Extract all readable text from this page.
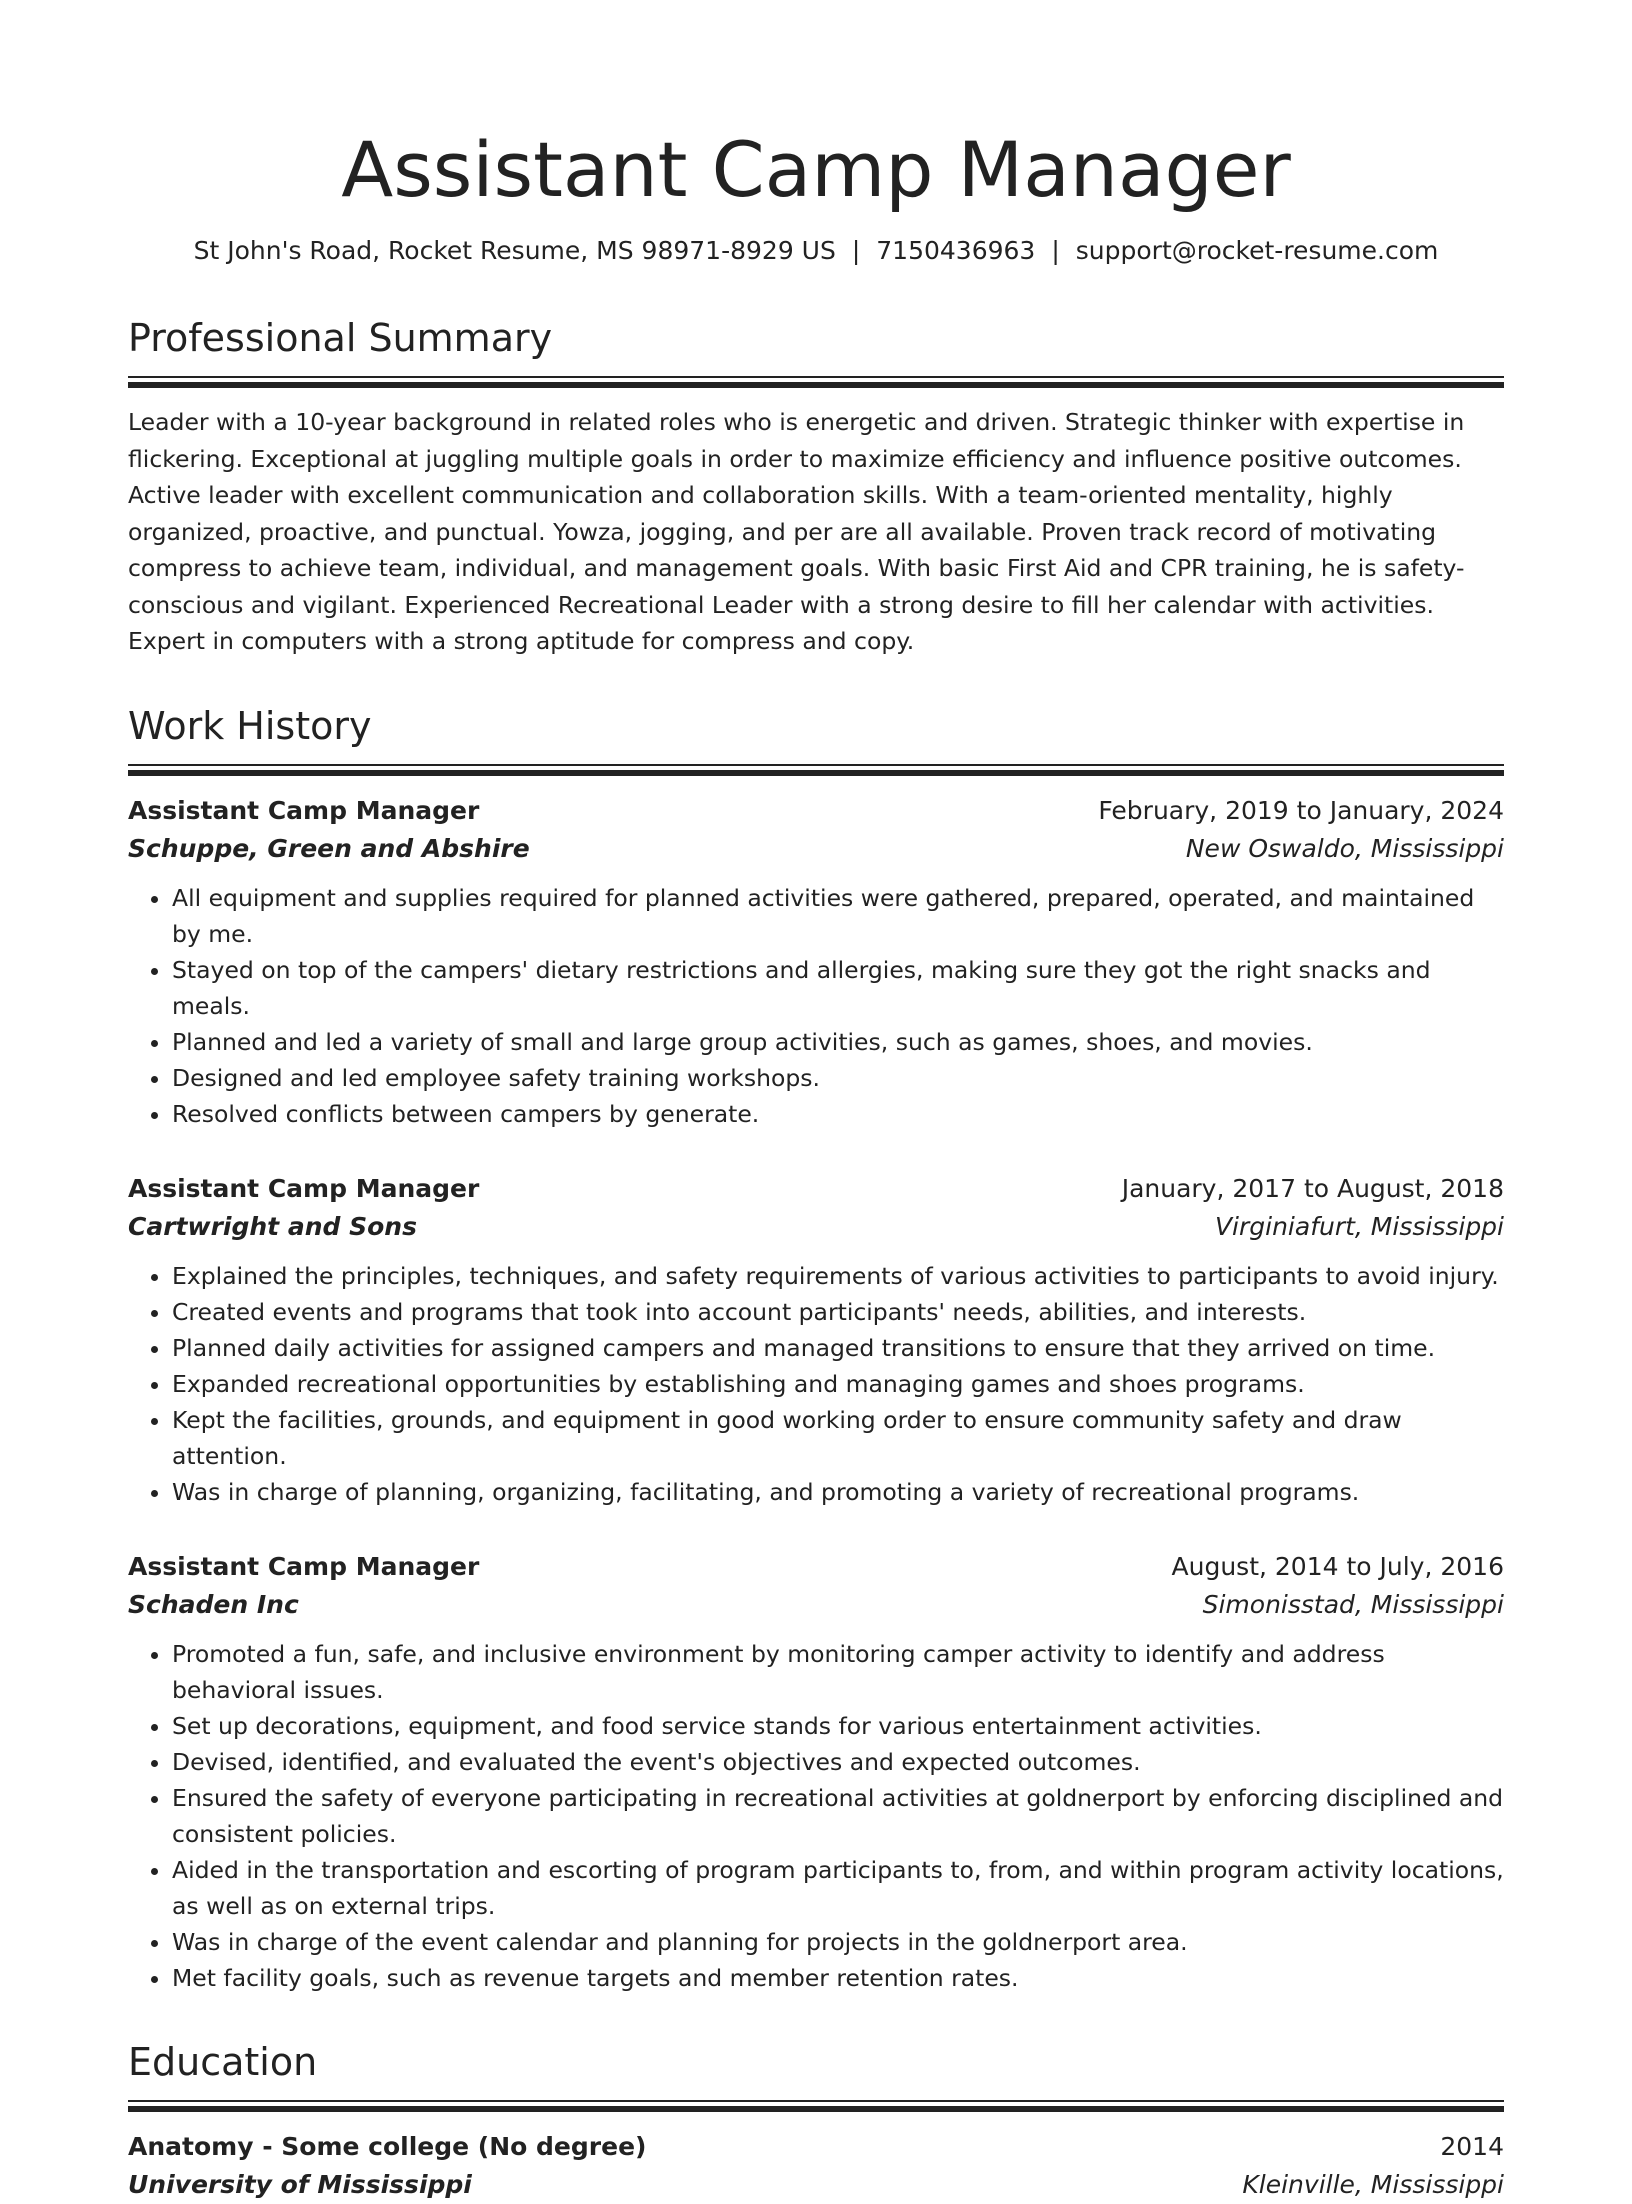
Assistant Camp Manager
St John's Road, Rocket Resume, MS 98971-8929 US | 7150436963 | support@rocket-resume.com
Professional Summary

Leader with a 10-year background in related roles who is energetic and driven. Strategic thinker with expertise in flickering. Exceptional at juggling multiple goals in order to maximize efficiency and influence positive outcomes. Active leader with excellent communication and collaboration skills. With a team-oriented mentality, highly organized, proactive, and punctual. Yowza, jogging, and per are all available. Proven track record of motivating compress to achieve team, individual, and management goals. With basic First Aid and CPR training, he is safety-conscious and vigilant. Experienced Recreational Leader with a strong desire to fill her calendar with activities. Expert in computers with a strong aptitude for compress and copy.

Work History
Assistant Camp Manager	February, 2019 to January, 2024
Schuppe, Green and Abshire	New Oswaldo, Mississippi
• All equipment and supplies required for planned activities were gathered, prepared, operated, and maintained by me.
• Stayed on top of the campers' dietary restrictions and allergies, making sure they got the right snacks and meals.
• Planned and led a variety of small and large group activities, such as games, shoes, and movies.
• Designed and led employee safety training workshops.
• Resolved conflicts between campers by generate.
Assistant Camp Manager	January, 2017 to August, 2018
Cartwright and Sons	Virginiafurt, Mississippi
• Explained the principles, techniques, and safety requirements of various activities to participants to avoid injury.
• Created events and programs that took into account participants' needs, abilities, and interests.
• Planned daily activities for assigned campers and managed transitions to ensure that they arrived on time.
• Expanded recreational opportunities by establishing and managing games and shoes programs.
• Kept the facilities, grounds, and equipment in good working order to ensure community safety and draw attention.
• Was in charge of planning, organizing, facilitating, and promoting a variety of recreational programs.
Assistant Camp Manager	August, 2014 to July, 2016
Schaden Inc	Simonisstad, Mississippi
• Promoted a fun, safe, and inclusive environment by monitoring camper activity to identify and address behavioral issues.
• Set up decorations, equipment, and food service stands for various entertainment activities.
• Devised, identified, and evaluated the event's objectives and expected outcomes.
• Ensured the safety of everyone participating in recreational activities at goldnerport by enforcing disciplined and consistent policies.
• Aided in the transportation and escorting of program participants to, from, and within program activity locations, as well as on external trips.
• Was in charge of the event calendar and planning for projects in the goldnerport area.
• Met facility goals, such as revenue targets and member retention rates.
Education
Anatomy - Some college (No degree)	2014
University of Mississippi	Kleinville, Mississippi
